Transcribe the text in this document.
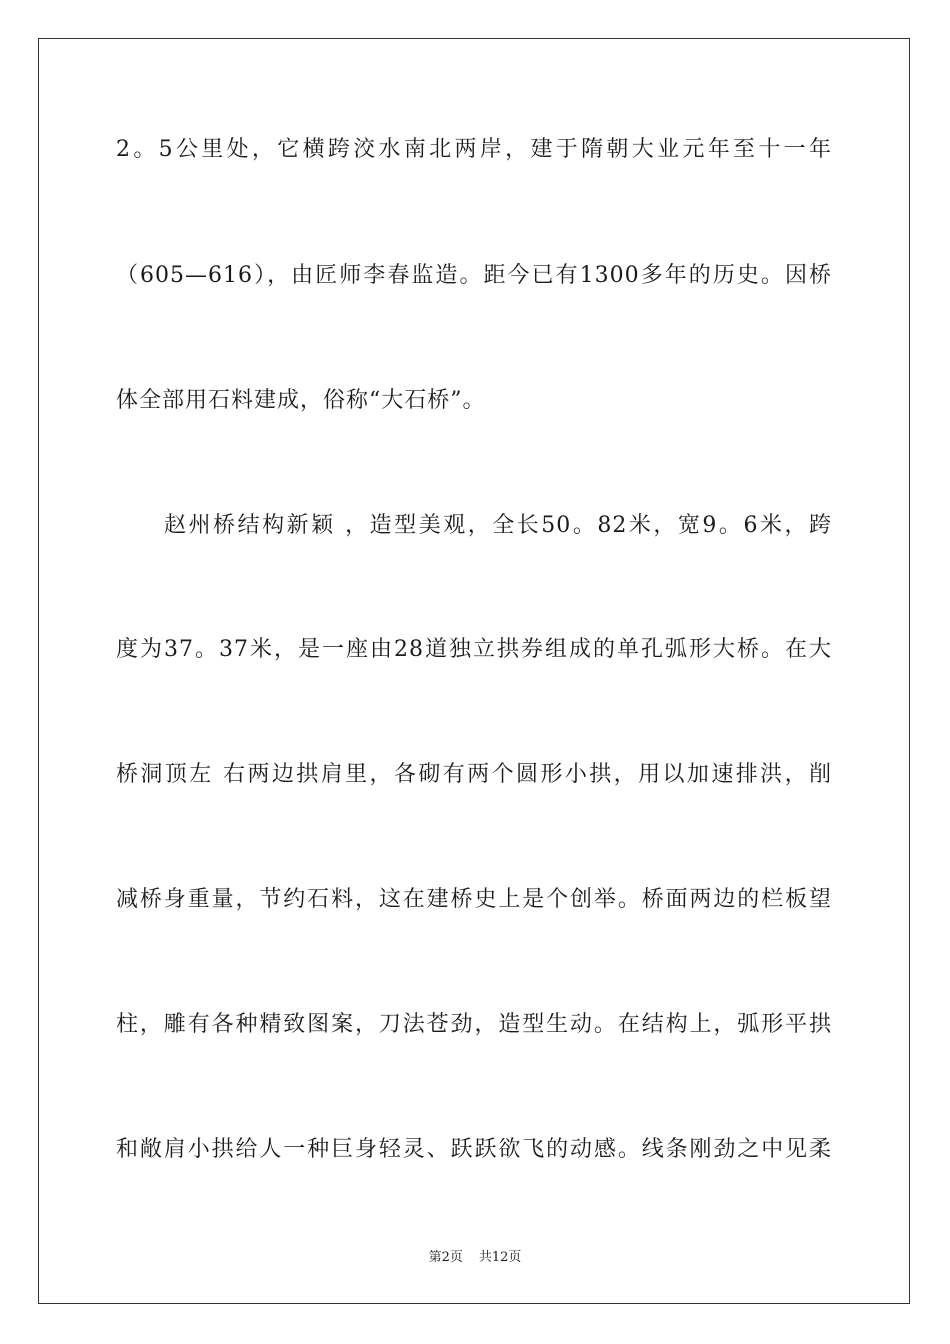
2。5公里处，它横跨洨水南北两岸，建于隋朝大业元年至十一年
（605—616），由匠师李春监造。距今已有1300多年的历史。因桥
体全部用石料建成，俗称“大石桥”。
赵州桥结构新颖 ，造型美观，全长50。82米，宽9。6米，跨
度为37。37米，是一座由28道独立拱券组成的单孔弧形大桥。在大
桥洞顶左 右两边拱肩里，各砌有两个圆形小拱，用以加速排洪，削
减桥身重量，节约石料，这在建桥史上是个创举。桥面两边的栏板望
柱，雕有各种精致图案，刀法苍劲，造型生动。在结构上，弧形平拱
和敞肩小拱给人一种巨身轻灵、跃跃欲飞的动感。线条刚劲之中见柔
第2页 共12页
